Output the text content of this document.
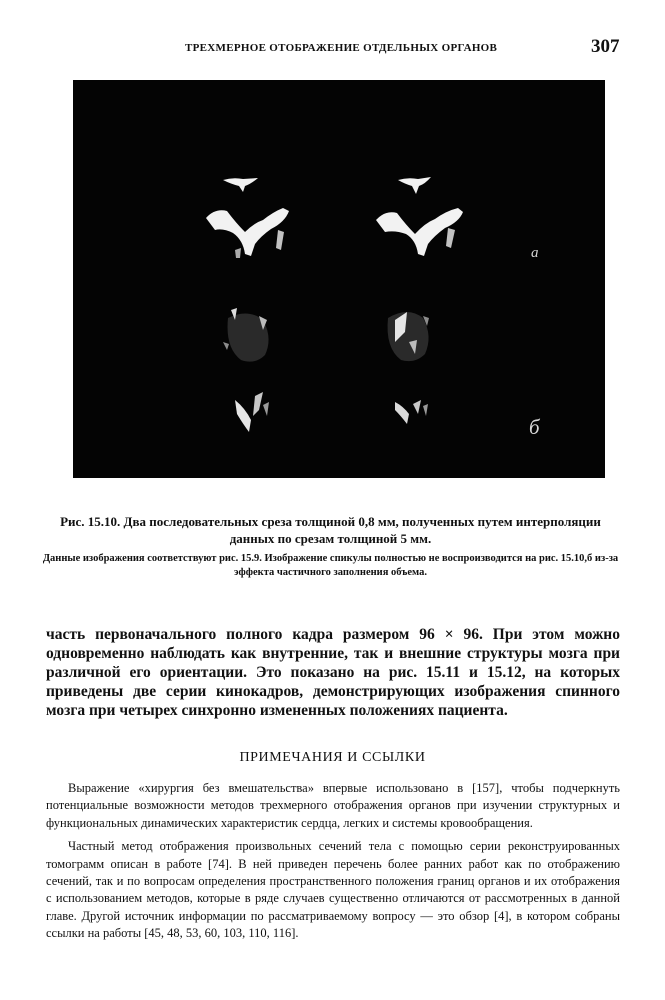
ТРЕХМЕРНОЕ ОТОБРАЖЕНИЕ ОТДЕЛЬНЫХ ОРГАНОВ	307
а
б
Рис. 15.10. Два последовательных среза толщиной 0,8 мм, полученных путем интерполяции данных по срезам толщиной 5 мм.
Данные изображения соответствуют рис. 15.9. Изображение спикулы полностью не воспроизводится на рис. 15.10,б из-за эффекта частичного заполнения объема.
часть первоначального полного кадра размером 96 × 96. При этом можно одновременно наблюдать как внутренние, так и внешние структуры мозга при различной его ориентации. Это показано на рис. 15.11 и 15.12, на которых приведены две серии кинокадров, демонстрирующих изображения спинного мозга при четырех синхронно измененных положениях пациента.
ПРИМЕЧАНИЯ И ССЫЛКИ

Выражение «хирургия без вмешательства» впервые использовано в [157], чтобы подчеркнуть потенциальные возможности методов трехмерного отображения органов при изучении структурных и функциональных динамических характеристик сердца, легких и системы кровообращения.

Частный метод отображения произвольных сечений тела с помощью серии реконструированных томограмм описан в работе [74]. В ней приведен перечень более ранних работ как по отображению сечений, так и по вопросам определения пространственного положения границ органов и их отображения с использованием методов, которые в ряде случаев существенно отличаются от рассмотренных в данной главе. Другой источник информации по рассматриваемому вопросу — это обзор [4], в котором собраны ссылки на работы [45, 48, 53, 60, 103, 110, 116].
